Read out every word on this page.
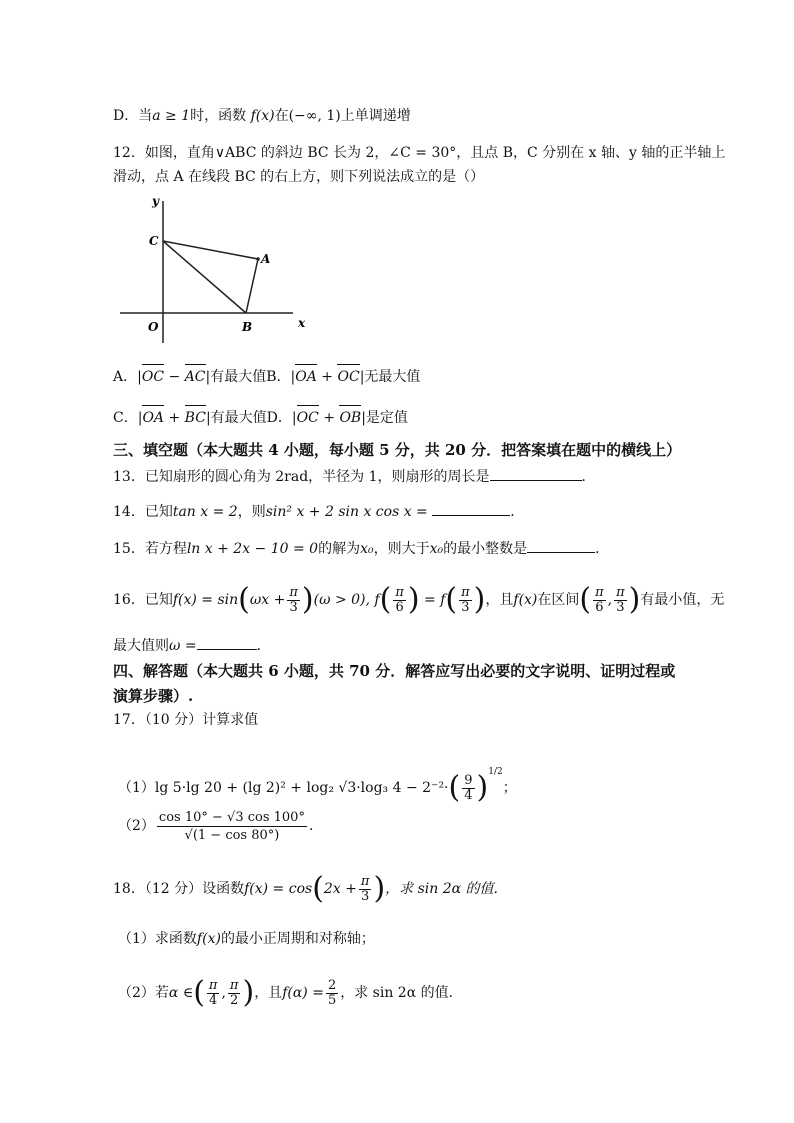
D．当a ≥ 1时，函数 f(x)在(−∞, 1)上单调递增
12．如图，直角∨ABC 的斜边 BC 长为 2，∠C = 30°，且点 B，C 分别在 x 轴、y 轴的正半轴上
滑动，点 A 在线段 BC 的右上方，则下列说法成立的是（）
y
x
O
C
A
B
A．|OC − AC|有最大值B．|OA + OC|无最大值
C．|OA + BC|有最大值D．|OC + OB|是定值
三、填空题（本大题共 4 小题，每小题 5 分，共 20 分．把答案填在题中的横线上）
13．已知扇形的圆心角为 2rad，半径为 1，则扇形的周长是	．
14．已知tan x = 2，则sin² x + 2 sin x cos x =	．
15．若方程ln x + 2x − 10 = 0的解为x₀，则大于x₀的最小整数是	．
16．已知$f(x) = \sin(\omega x + \frac{\pi}{3} )(\omega > 0)$, $f( \frac{\pi}{6}$ ) = $f( \frac{\pi}{3}$ )，且f(x)在区间( $\frac{\pi}{6}$ , $\frac{\pi}{3}$ )有最小值，无
最大值则ω =	．
四、解答题（本大题共 6 小题，共 70 分．解答应写出必要的文字说明、证明过程或
演算步骤）.
17．（10 分）计算求值
（1）lg 5·lg 20 + (lg 2)² + log₂ √3·log₃ $4 - 2^{-2}\cdot( \frac{9}{4} )^{1/2}$；
$(2) \frac{\cos 10^\circ - √3 \cos 100^\circ}{√(1 - \cos 80^\circ)}$ .
18．（12 分）设函数$f(x) = \cos(2x + \frac{\pi}{3}$ )，求 sin 2α 的值.
（1）求函数f(x)的最小正周期和对称轴；
（2）若α ∈( $\frac{\pi}{4}$ , $\frac{\pi}{2}$ )，且$f(\alpha) = \frac{2}{5}$ ，求 sin 2α 的值.
